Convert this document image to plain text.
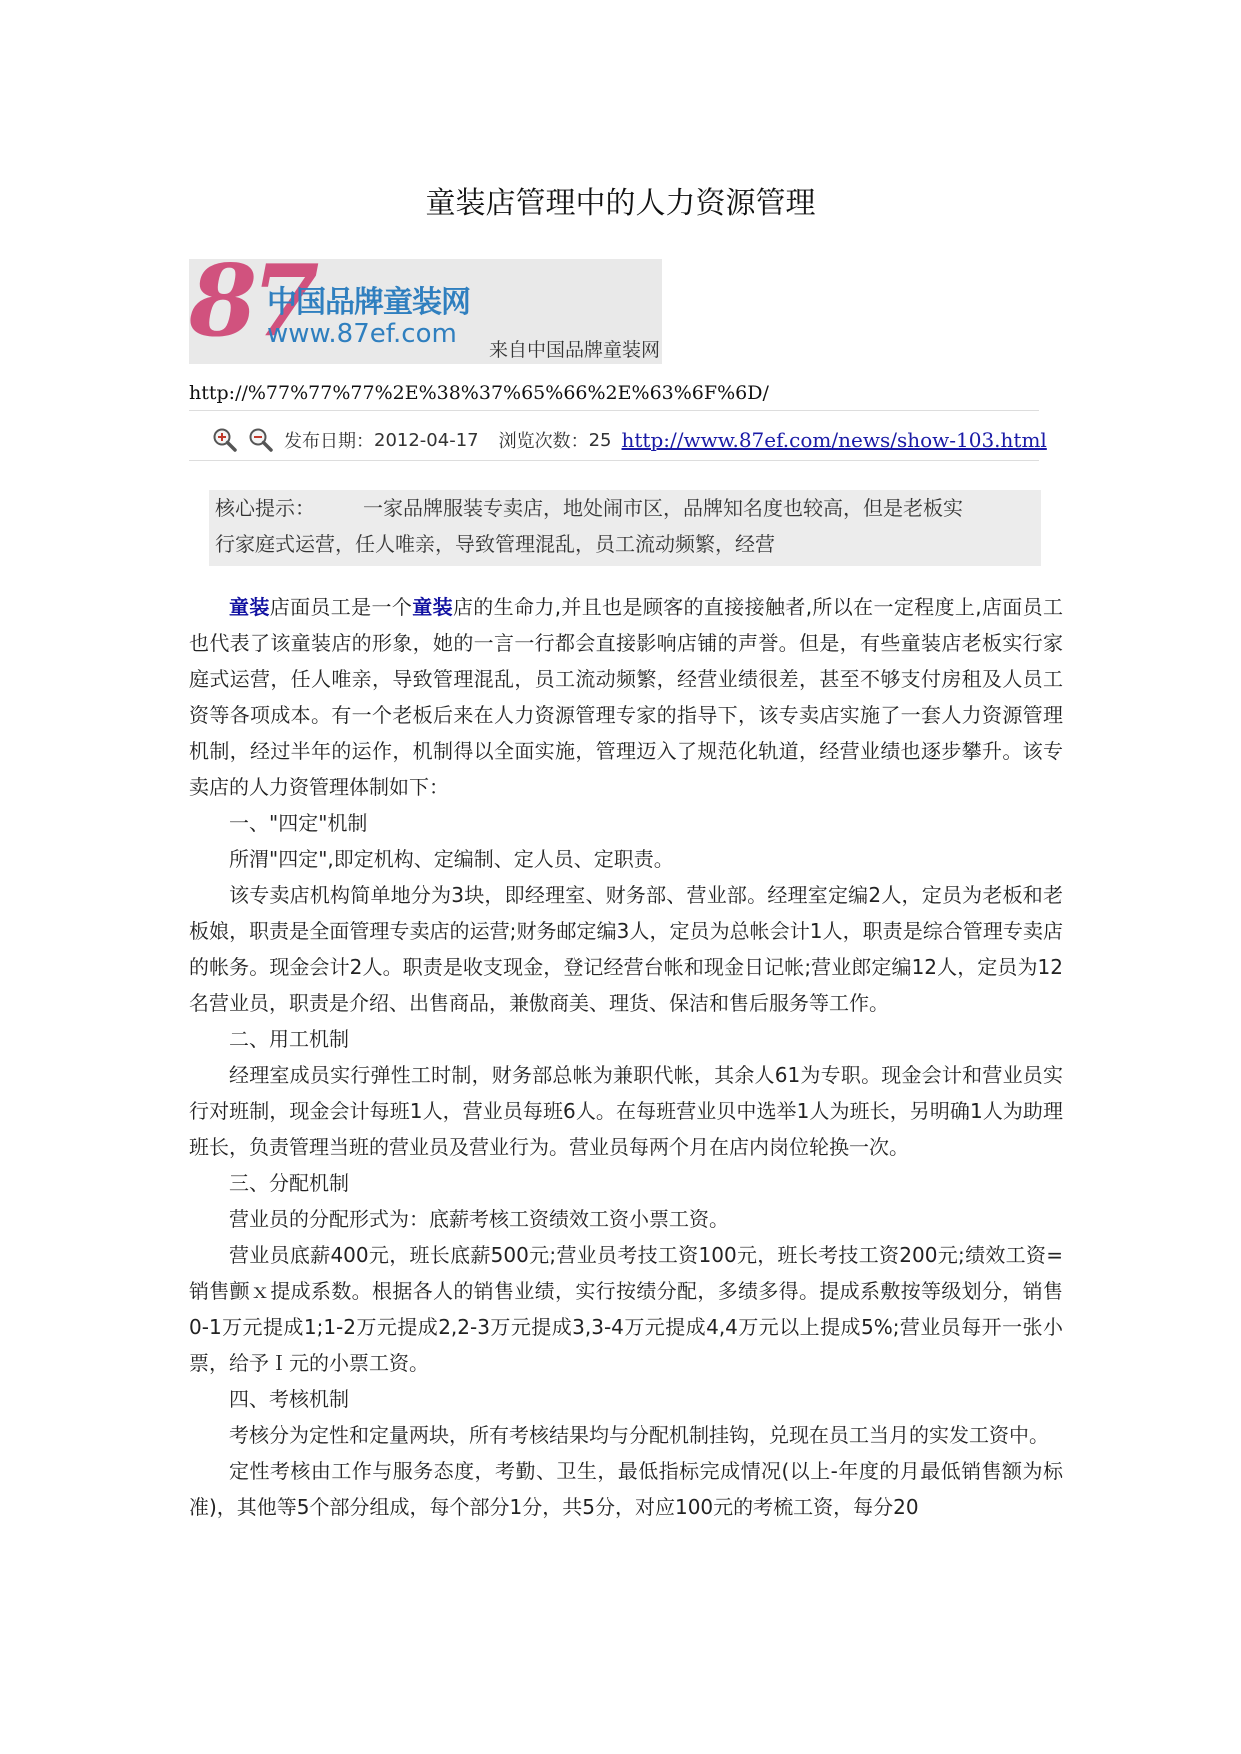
童装店管理中的人力资源管理
87
中国品牌童装网
www.87ef.com
来自中国品牌童装网
http://%77%77%77%2E%38%37%65%66%2E%63%6F%6D/
发布日期： 2012-04-17 浏览次数： 25 http://www.87ef.com/news/show-103.html

核心提示： 一家品牌服装专卖店，地处闹市区，品牌知名度也较高，但是老板实

行家庭式运营，任人唯亲，导致管理混乱，员工流动频繁，经营

童装店面员工是一个童装店的生命力,并且也是顾客的直接接触者,所以在一定程度上,店面员工也代表了该童装店的形象，她的一言一行都会直接影响店铺的声誉。但是，有些童装店老板实行家庭式运营，任人唯亲，导致管理混乱，员工流动频繁，经营业绩很差，甚至不够支付房租及人员工资等各项成本。有一个老板后来在人力资源管理专家的指导下，该专卖店实施了一套人力资源管理机制，经过半年的运作，机制得以全面实施，管理迈入了规范化轨道，经营业绩也逐步攀升。该专卖店的人力资管理体制如下：

一、"四定"机制

所渭"四定",即定机构、定编制、定人员、定职责。

该专卖店机构简单地分为3块，即经理室、财务部、营业部。经理室定编2人，定员为老板和老板娘，职责是全面管理专卖店的运营;财务邮定编3人，定员为总帐会计1人，职责是综合管理专卖店的帐务。现金会计2人。职责是收支现金，登记经营台帐和现金日记帐;营业郎定编12人，定员为12名营业员，职责是介绍、出售商品，兼傲商美、理货、保洁和售后服务等工作。

二、用工机制

经理室成员实行弹性工时制，财务部总帐为兼职代帐，其余人61为专职。现金会计和营业员实行对班制，现金会计每班1人，营业员每班6人。在每班营业贝中选举1人为班长，另明确1人为助理班长，负责管理当班的营业员及营业行为。营业员每两个月在店内岗位轮换一次。

三、分配机制

营业员的分配形式为：底薪考核工资绩效工资小票工资。

营业员底薪400元，班长底薪500元;营业员考技工资100元，班长考技工资200元;绩效工资=销售颤ｘ提成系数。根据各人的销售业绩，实行按绩分配，多绩多得。提成系敷按等级划分，销售0-1万元提成1;1-2万元提成2,2-3万元提成3,3-4万元提成4,4万元以上提成5%;营业员每开一张小票，给予Ｉ元的小票工资。

四、考核机制

考核分为定性和定量两块，所有考核结果均与分配机制挂钩，兑现在员工当月的实发工资中。

定性考核由工作与服务态度，考勤、卫生，最低指标完成情况(以上-年度的月最低销售额为标准)，其他等5个部分组成，每个部分1分，共5分，对应100元的考梳工资，每分20
